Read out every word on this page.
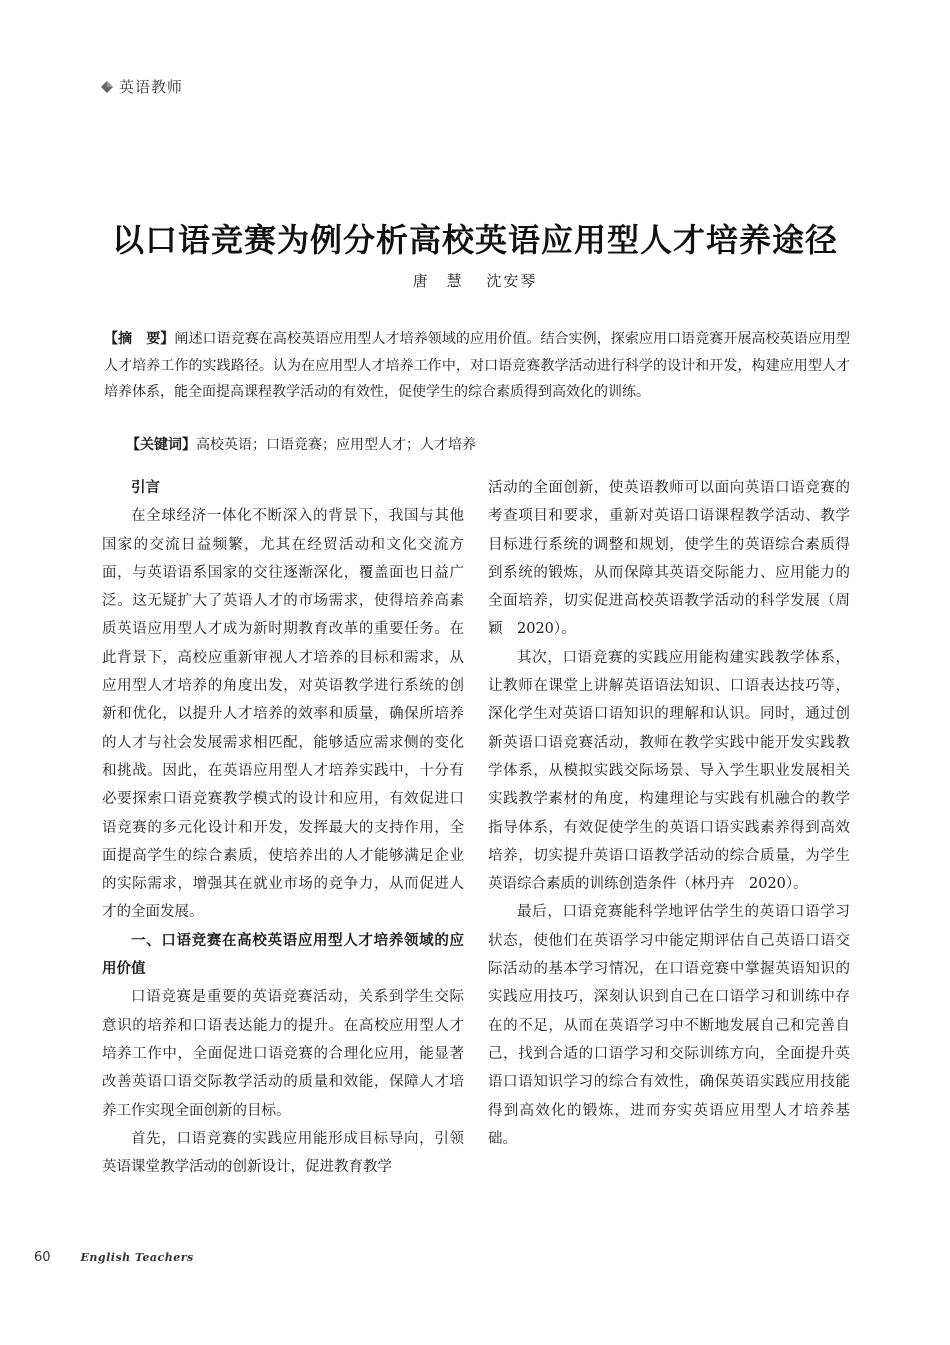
英语教师
以口语竞赛为例分析高校英语应用型人才培养途径
唐　慧 沈安琴
【摘　要】阐述口语竞赛在高校英语应用型人才培养领域的应用价值。结合实例，探索应用口语竞赛开展高校英语应用型人才培养工作的实践路径。认为在应用型人才培养工作中，对口语竞赛教学活动进行科学的设计和开发，构建应用型人才培养体系，能全面提高课程教学活动的有效性，促使学生的综合素质得到高效化的训练。
【关键词】高校英语；口语竞赛；应用型人才；人才培养

引言

在全球经济一体化不断深入的背景下，我国与其他国家的交流日益频繁，尤其在经贸活动和文化交流方面，与英语语系国家的交往逐渐深化，覆盖面也日益广泛。这无疑扩大了英语人才的市场需求，使得培养高素质英语应用型人才成为新时期教育改革的重要任务。在此背景下，高校应重新审视人才培养的目标和需求，从应用型人才培养的角度出发，对英语教学进行系统的创新和优化，以提升人才培养的效率和质量，确保所培养的人才与社会发展需求相匹配，能够适应需求侧的变化和挑战。因此，在英语应用型人才培养实践中，十分有必要探索口语竞赛教学模式的设计和应用，有效促进口语竞赛的多元化设计和开发，发挥最大的支持作用，全面提高学生的综合素质，使培养出的人才能够满足企业的实际需求，增强其在就业市场的竞争力，从而促进人才的全面发展。

一、口语竞赛在高校英语应用型人才培养领域的应用价值

口语竞赛是重要的英语竞赛活动，关系到学生交际意识的培养和口语表达能力的提升。在高校应用型人才培养工作中，全面促进口语竞赛的合理化应用，能显著改善英语口语交际教学活动的质量和效能，保障人才培养工作实现全面创新的目标。

首先，口语竞赛的实践应用能形成目标导向，引领英语课堂教学活动的创新设计，促进教育教学

活动的全面创新，使英语教师可以面向英语口语竞赛的考查项目和要求，重新对英语口语课程教学活动、教学目标进行系统的调整和规划，使学生的英语综合素质得到系统的锻炼，从而保障其英语交际能力、应用能力的全面培养，切实促进高校英语教学活动的科学发展（周颖　2020）。

其次，口语竞赛的实践应用能构建实践教学体系，让教师在课堂上讲解英语语法知识、口语表达技巧等，深化学生对英语口语知识的理解和认识。同时，通过创新英语口语竞赛活动，教师在教学实践中能开发实践教学体系，从模拟实践交际场景、导入学生职业发展相关实践教学素材的角度，构建理论与实践有机融合的教学指导体系，有效促使学生的英语口语实践素养得到高效培养，切实提升英语口语教学活动的综合质量，为学生英语综合素质的训练创造条件（林丹卉　2020）。

最后，口语竞赛能科学地评估学生的英语口语学习状态，使他们在英语学习中能定期评估自己英语口语交际活动的基本学习情况，在口语竞赛中掌握英语知识的实践应用技巧，深刻认识到自己在口语学习和训练中存在的不足，从而在英语学习中不断地发展自己和完善自己，找到合适的口语学习和交际训练方向，全面提升英语口语知识学习的综合有效性，确保英语实践应用技能得到高效化的锻炼，进而夯实英语应用型人才培养基础。

60	English Teachers
